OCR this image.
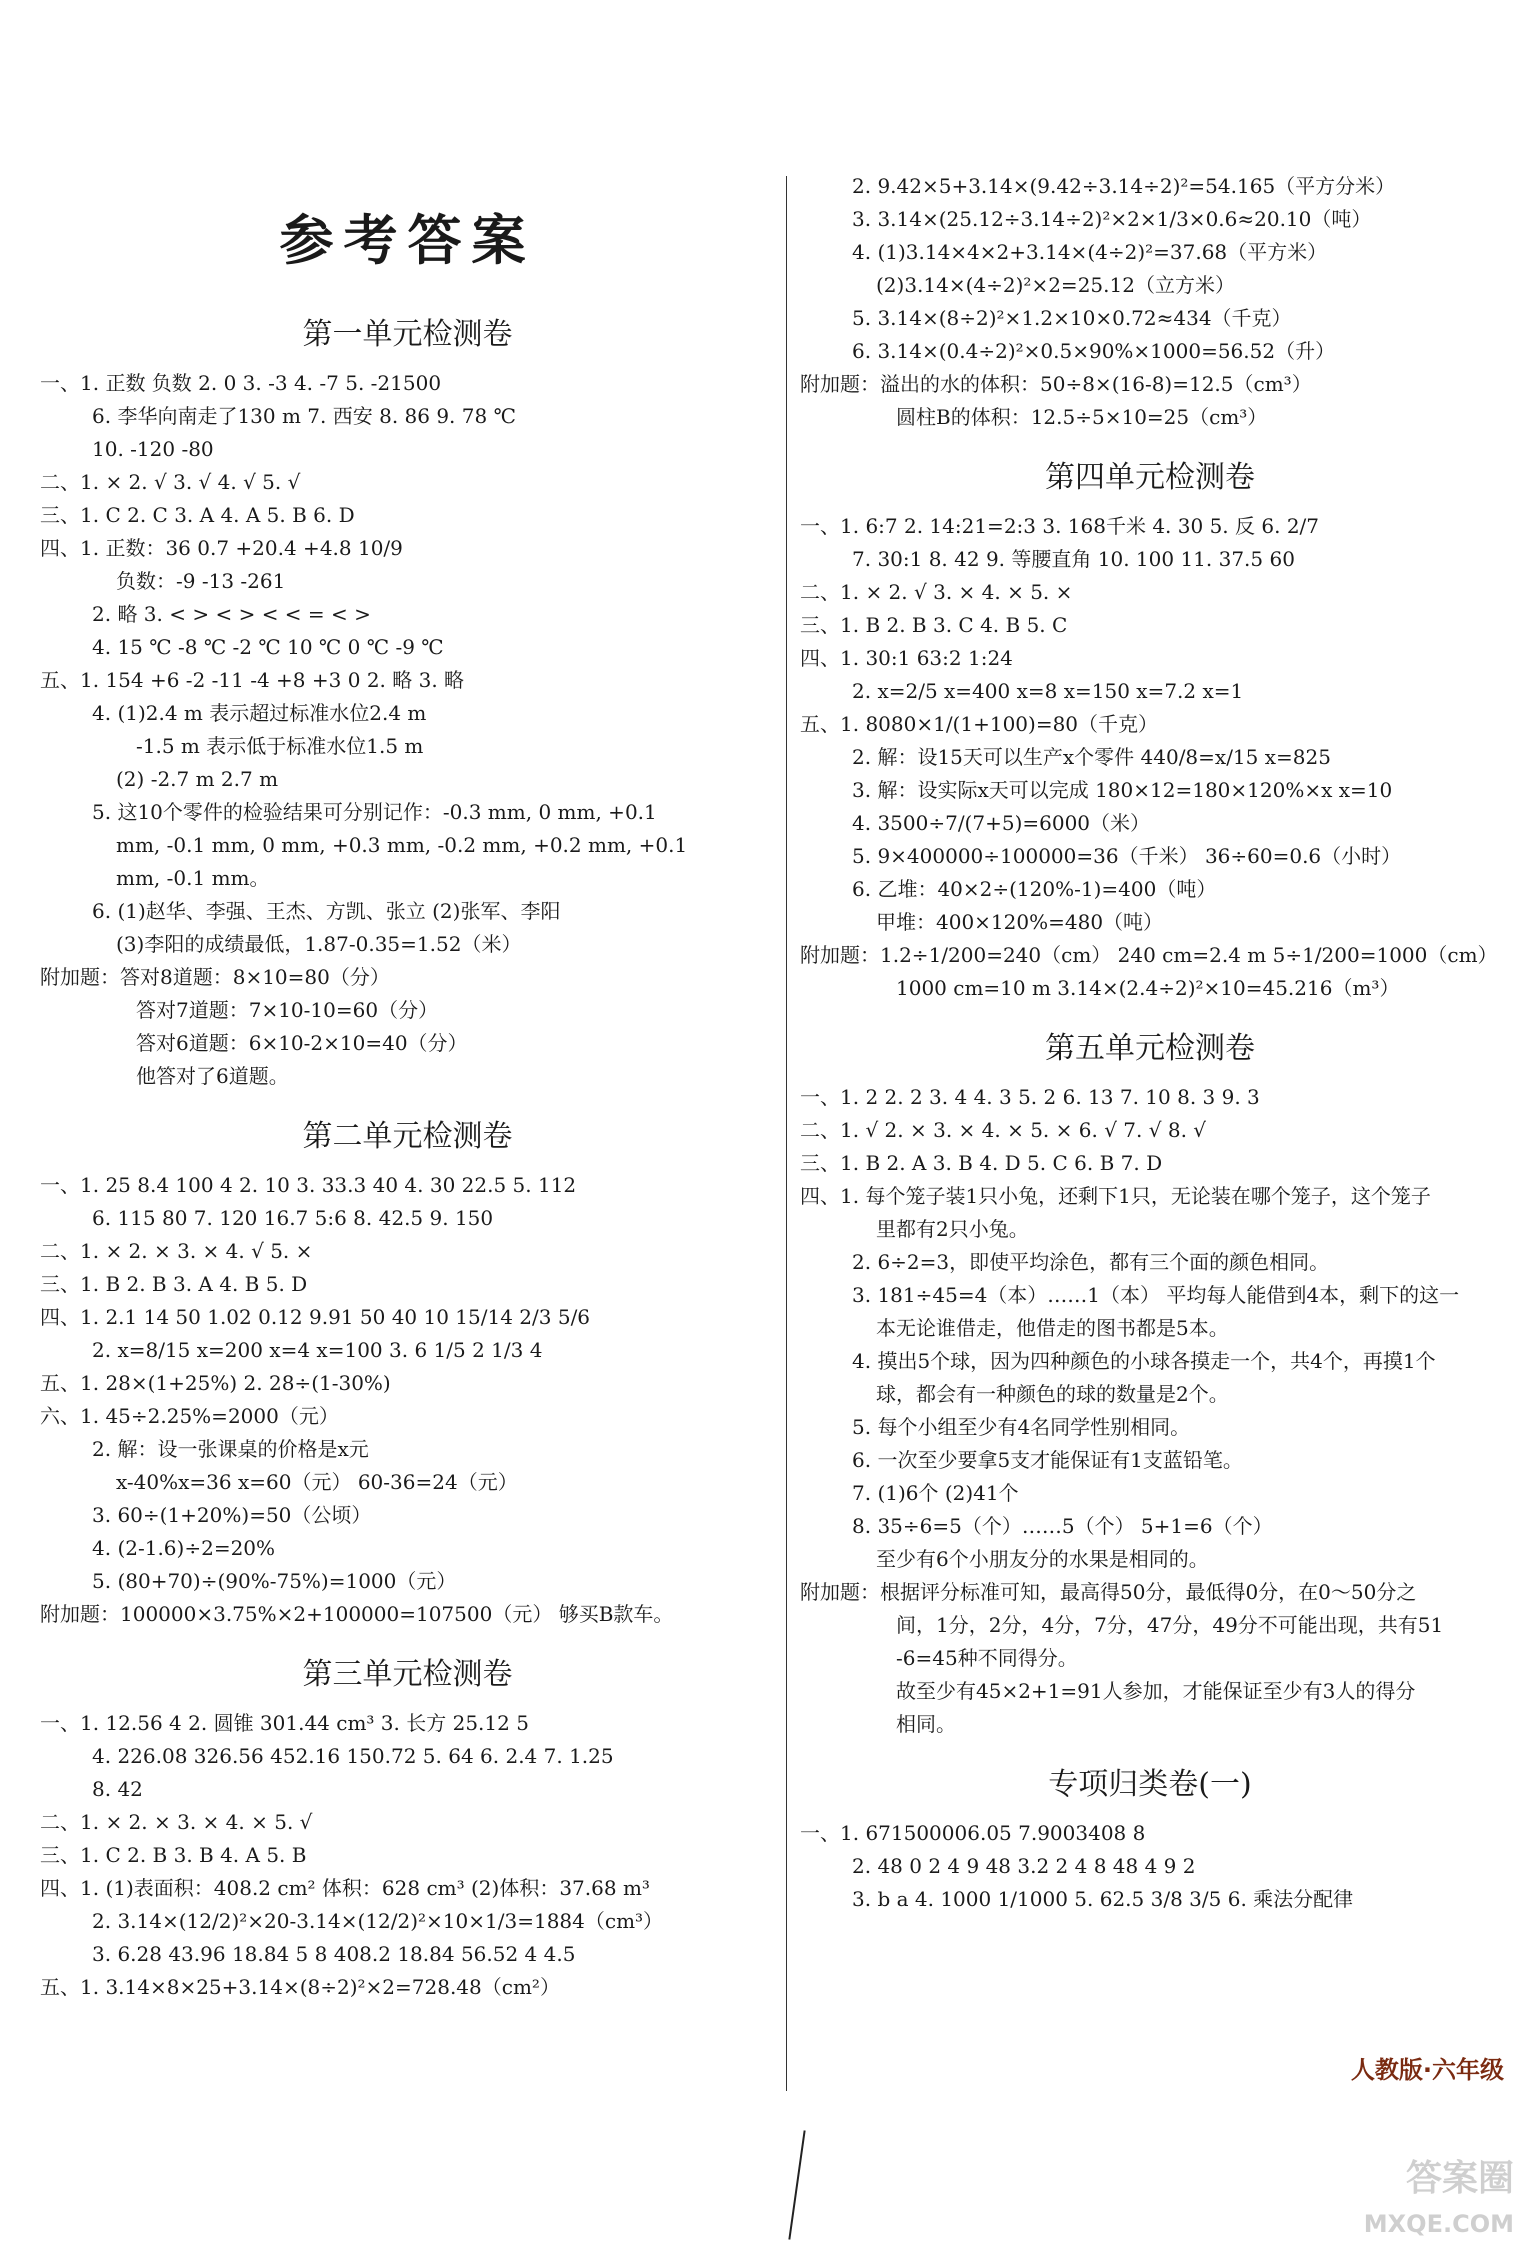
参考答案
第一单元检测卷
一、1. 正数 负数 2. 0 3. -3 4. -7 5. -21500
6. 李华向南走了130 m 7. 西安 8. 86 9. 78 ℃
10. -120 -80
二、1. × 2. √ 3. √ 4. √ 5. √
三、1. C 2. C 3. A 4. A 5. B 6. D
四、1. 正数：36 0.7 +20.4 +4.8 10/9
负数：-9 -13 -261
2. 略 3. < > < > < < = < >
4. 15 ℃ -8 ℃ -2 ℃ 10 ℃ 0 ℃ -9 ℃
五、1. 154 +6 -2 -11 -4 +8 +3 0 2. 略 3. 略
4. (1)2.4 m 表示超过标准水位2.4 m
-1.5 m 表示低于标准水位1.5 m
(2) -2.7 m 2.7 m
5. 这10个零件的检验结果可分别记作：-0.3 mm, 0 mm, +0.1
mm, -0.1 mm, 0 mm, +0.3 mm, -0.2 mm, +0.2 mm, +0.1
mm, -0.1 mm。
6. (1)赵华、李强、王杰、方凯、张立 (2)张军、李阳
(3)李阳的成绩最低，1.87-0.35=1.52（米）
附加题：答对8道题：8×10=80（分）
答对7道题：7×10-10=60（分）
答对6道题：6×10-2×10=40（分）
他答对了6道题。
第二单元检测卷
一、1. 25 8.4 100 4 2. 10 3. 33.3 40 4. 30 22.5 5. 112
6. 115 80 7. 120 16.7 5:6 8. 42.5 9. 150
二、1. × 2. × 3. × 4. √ 5. ×
三、1. B 2. B 3. A 4. B 5. D
四、1. 2.1 14 50 1.02 0.12 9.91 50 40 10 15/14 2/3 5/6
2. x=8/15 x=200 x=4 x=100 3. 6 1/5 2 1/3 4
五、1. 28×(1+25%) 2. 28÷(1-30%)
六、1. 45÷2.25%=2000（元）
2. 解：设一张课桌的价格是x元
x-40%x=36 x=60（元） 60-36=24（元）
3. 60÷(1+20%)=50（公顷）
4. (2-1.6)÷2=20%
5. (80+70)÷(90%-75%)=1000（元）
附加题：100000×3.75%×2+100000=107500（元） 够买B款车。
第三单元检测卷
一、1. 12.56 4 2. 圆锥 301.44 cm³ 3. 长方 25.12 5
4. 226.08 326.56 452.16 150.72 5. 64 6. 2.4 7. 1.25
8. 42
二、1. × 2. × 3. × 4. × 5. √
三、1. C 2. B 3. B 4. A 5. B
四、1. (1)表面积：408.2 cm² 体积：628 cm³ (2)体积：37.68 m³
2. 3.14×(12/2)²×20-3.14×(12/2)²×10×1/3=1884（cm³）
3. 6.28 43.96 18.84 5 8 408.2 18.84 56.52 4 4.5
五、1. 3.14×8×25+3.14×(8÷2)²×2=728.48（cm²）
2. 9.42×5+3.14×(9.42÷3.14÷2)²=54.165（平方分米）
3. 3.14×(25.12÷3.14÷2)²×2×1/3×0.6≈20.10（吨）
4. (1)3.14×4×2+3.14×(4÷2)²=37.68（平方米）
(2)3.14×(4÷2)²×2=25.12（立方米）
5. 3.14×(8÷2)²×1.2×10×0.72≈434（千克）
6. 3.14×(0.4÷2)²×0.5×90%×1000=56.52（升）
附加题：溢出的水的体积：50÷8×(16-8)=12.5（cm³）
圆柱B的体积：12.5÷5×10=25（cm³）
第四单元检测卷
一、1. 6:7 2. 14:21=2:3 3. 168千米 4. 30 5. 反 6. 2/7
7. 30:1 8. 42 9. 等腰直角 10. 100 11. 37.5 60
二、1. × 2. √ 3. × 4. × 5. ×
三、1. B 2. B 3. C 4. B 5. C
四、1. 30:1 63:2 1:24
2. x=2/5 x=400 x=8 x=150 x=7.2 x=1
五、1. 8080×1/(1+100)=80（千克）
2. 解：设15天可以生产x个零件 440/8=x/15 x=825
3. 解：设实际x天可以完成 180×12=180×120%×x x=10
4. 3500÷7/(7+5)=6000（米）
5. 9×400000÷100000=36（千米） 36÷60=0.6（小时）
6. 乙堆：40×2÷(120%-1)=400（吨）
甲堆：400×120%=480（吨）
附加题：1.2÷1/200=240（cm） 240 cm=2.4 m 5÷1/200=1000（cm）
1000 cm=10 m 3.14×(2.4÷2)²×10=45.216（m³）
第五单元检测卷
一、1. 2 2. 2 3. 4 4. 3 5. 2 6. 13 7. 10 8. 3 9. 3
二、1. √ 2. × 3. × 4. × 5. × 6. √ 7. √ 8. √
三、1. B 2. A 3. B 4. D 5. C 6. B 7. D
四、1. 每个笼子装1只小兔，还剩下1只，无论装在哪个笼子，这个笼子
里都有2只小兔。
2. 6÷2=3，即使平均涂色，都有三个面的颜色相同。
3. 181÷45=4（本）……1（本） 平均每人能借到4本，剩下的这一
本无论谁借走，他借走的图书都是5本。
4. 摸出5个球，因为四种颜色的小球各摸走一个，共4个，再摸1个
球，都会有一种颜色的球的数量是2个。
5. 每个小组至少有4名同学性别相同。
6. 一次至少要拿5支才能保证有1支蓝铅笔。
7. (1)6个 (2)41个
8. 35÷6=5（个）……5（个） 5+1=6（个）
至少有6个小朋友分的水果是相同的。
附加题：根据评分标准可知，最高得50分，最低得0分，在0～50分之
间，1分，2分，4分，7分，47分，49分不可能出现，共有51
-6=45种不同得分。
故至少有45×2+1=91人参加，才能保证至少有3人的得分
相同。
专项归类卷(一)
一、1. 671500006.05 7.9003408 8
2. 48 0 2 4 9 48 3.2 2 4 8 48 4 9 2
3. b a 4. 1000 1/1000 5. 62.5 3/8 3/5 6. 乘法分配律
人教版·六年级
答案圈
MXQE.COM
